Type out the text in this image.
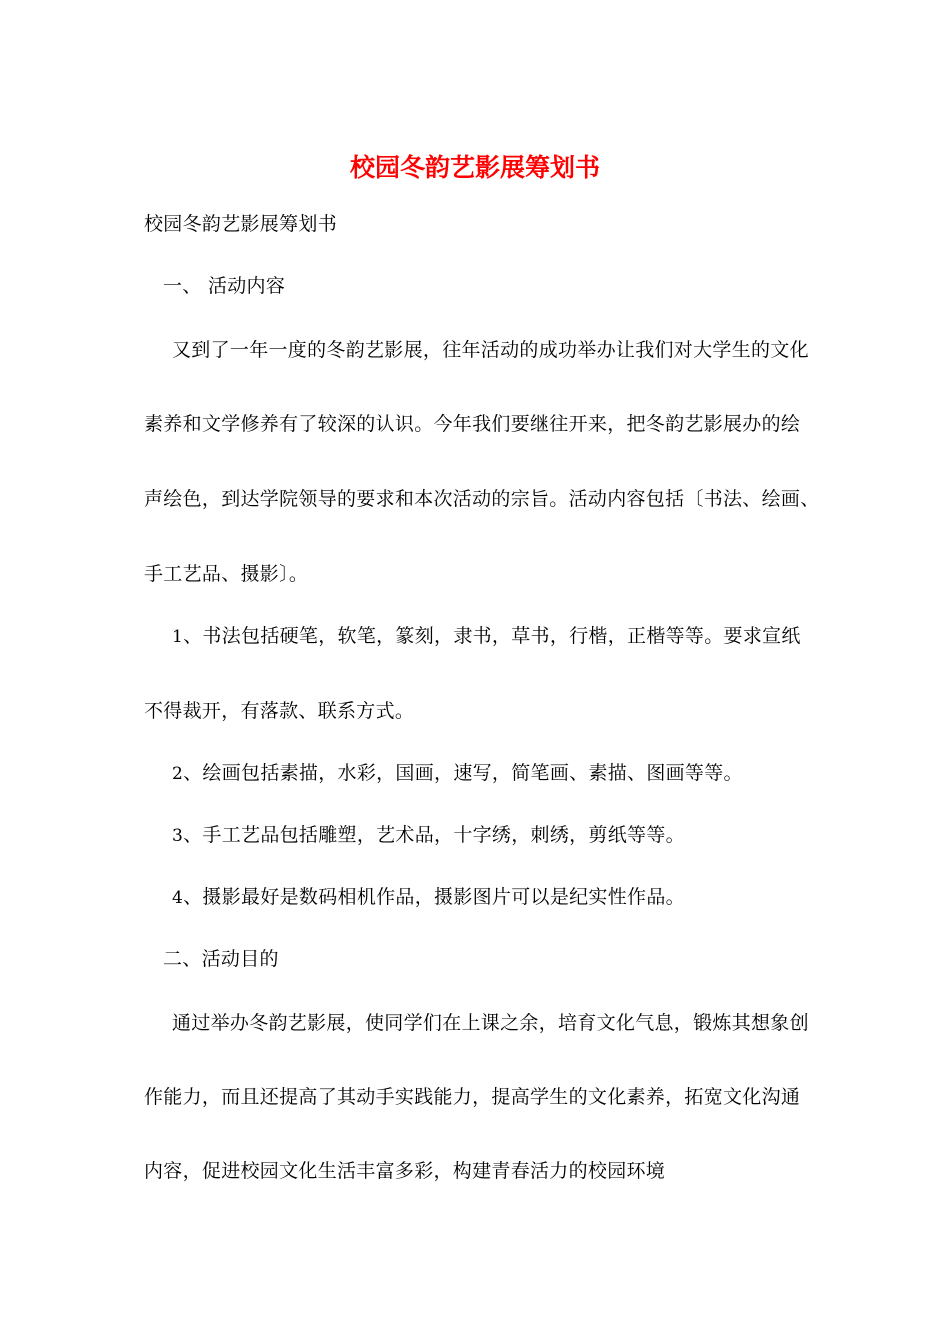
校园冬韵艺影展筹划书
校园冬韵艺影展筹划书
一、 活动内容
又到了一年一度的冬韵艺影展，往年活动的成功举办让我们对大学生的文化
素养和文学修养有了较深的认识。今年我们要继往开来，把冬韵艺影展办的绘
声绘色，到达学院领导的要求和本次活动的宗旨。活动内容包括〔书法、绘画、
手工艺品、摄影〕。
1、书法包括硬笔，软笔，篆刻，隶书，草书，行楷，正楷等等。要求宣纸
不得裁开，有落款、联系方式。
2、绘画包括素描，水彩，国画，速写，简笔画、素描、图画等等。
3、手工艺品包括雕塑，艺术品，十字绣，刺绣，剪纸等等。
4、摄影最好是数码相机作品，摄影图片可以是纪实性作品。
二、活动目的
通过举办冬韵艺影展，使同学们在上课之余，培育文化气息，锻炼其想象创
作能力，而且还提高了其动手实践能力，提高学生的文化素养，拓宽文化沟通
内容，促进校园文化生活丰富多彩，构建青春活力的校园环境
